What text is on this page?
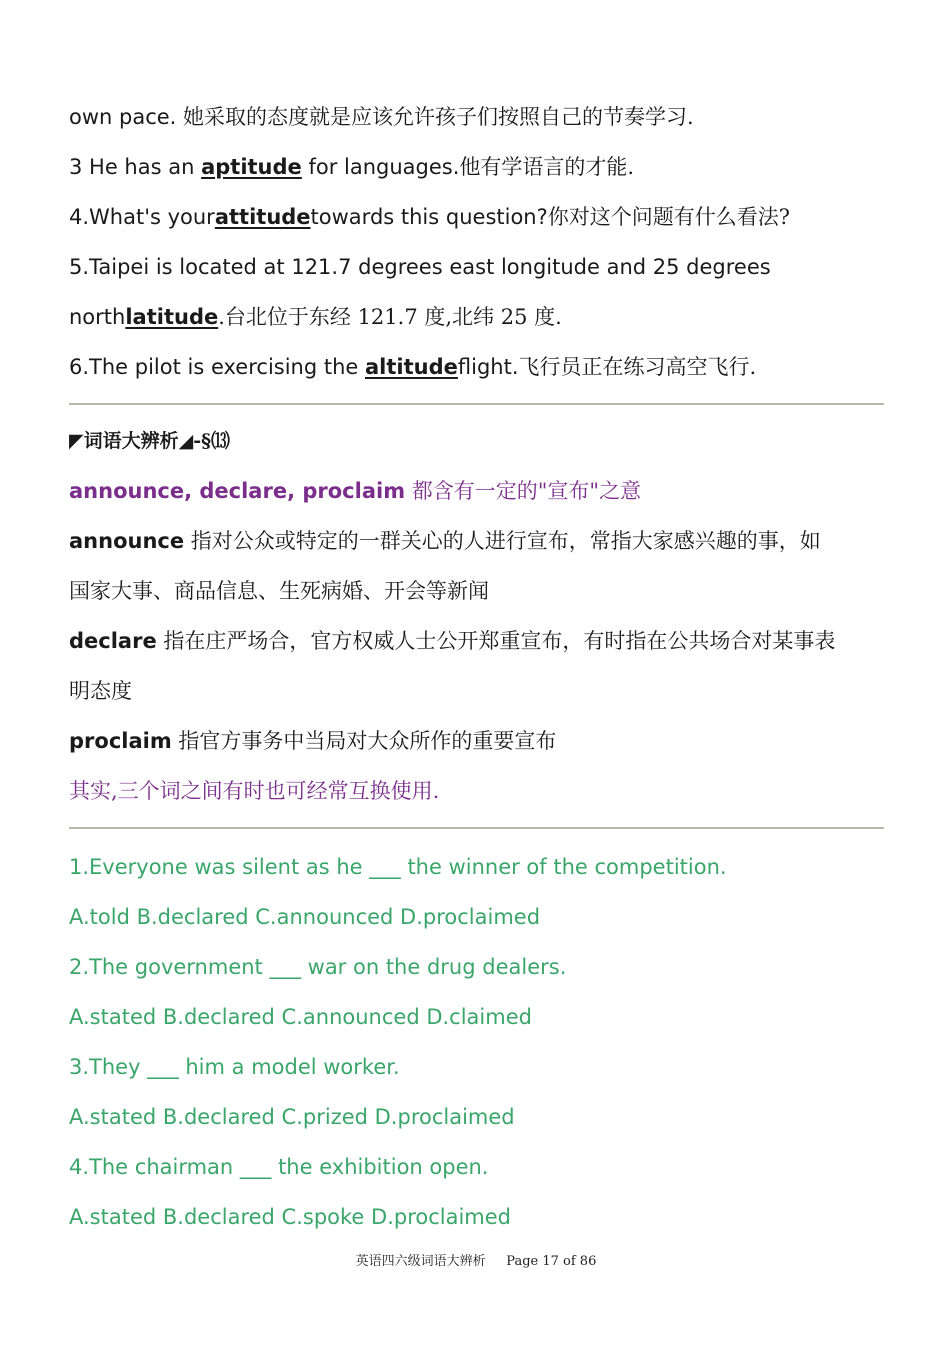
own pace. 她采取的态度就是应该允许孩子们按照自己的节奏学习.
3 He has an aptitude for languages.他有学语言的才能.
4.What's yourattitudetowards this question?你对这个问题有什么看法?
5.Taipei is located at 121.7 degrees east longitude and 25 degrees
northlatitude.台北位于东经 121.7 度,北纬 25 度.
6.The pilot is exercising the altitudeflight.飞行员正在练习高空飞行.
◤词语大辨析◢-§⒀
announce, declare, proclaim 都含有一定的"宣布"之意
announce 指对公众或特定的一群关心的人进行宣布，常指大家感兴趣的事，如
国家大事、商品信息、生死病婚、开会等新闻
declare 指在庄严场合，官方权威人士公开郑重宣布，有时指在公共场合对某事表
明态度
proclaim 指官方事务中当局对大众所作的重要宣布
其实,三个词之间有时也可经常互换使用.
1.Everyone was silent as he ___ the winner of the competition.
A.told B.declared C.announced D.proclaimed
2.The government ___ war on the drug dealers.
A.stated B.declared C.announced D.claimed
3.They ___ him a model worker.
A.stated B.declared C.prized D.proclaimed
4.The chairman ___ the exhibition open.
A.stated B.declared C.spoke D.proclaimed
英语四六级词语大辨析     Page 17 of 86
